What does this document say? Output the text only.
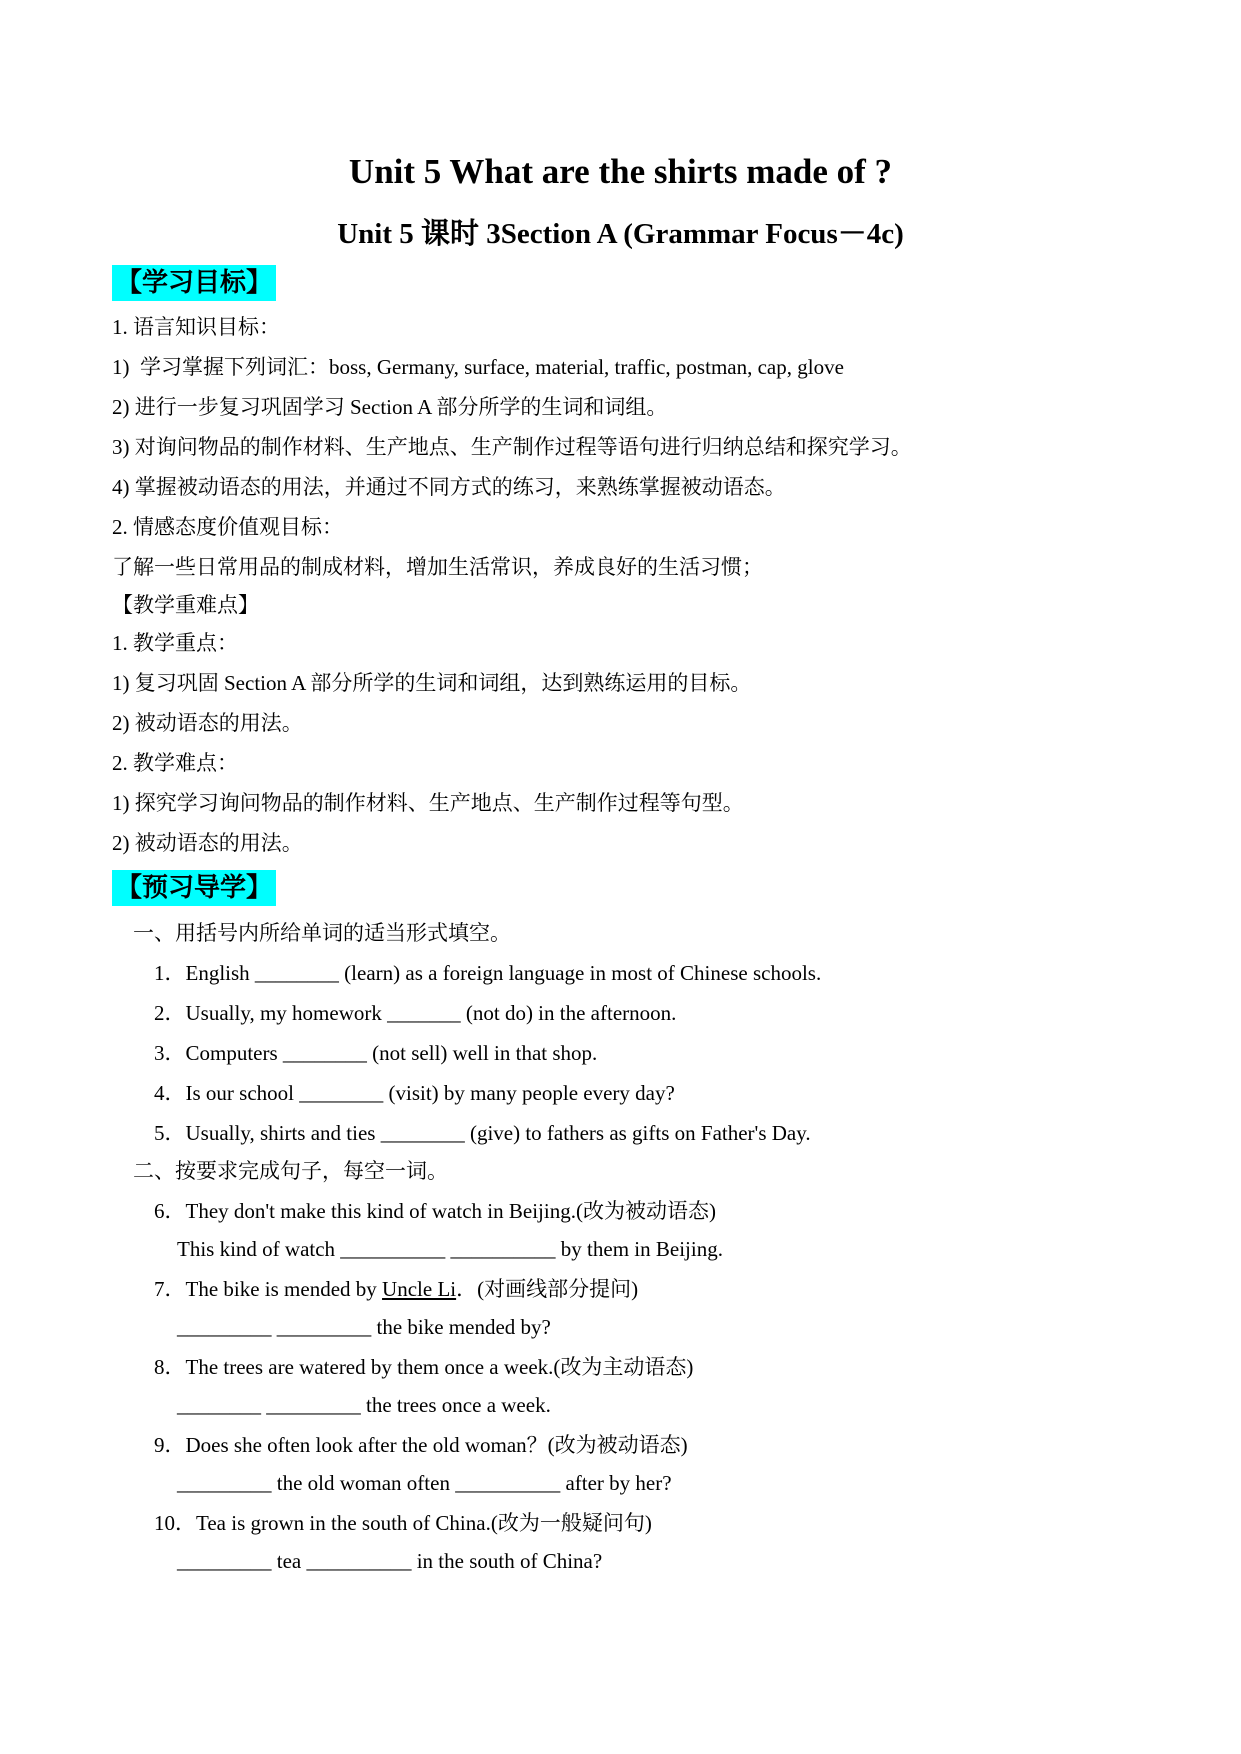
Unit 5 What are the shirts made of ?
Unit 5 课时 3Section A (Grammar Focus－4c)
【学习目标】
1. 语言知识目标：
1)  学习掌握下列词汇：boss, Germany, surface, material, traffic, postman, cap, glove
2) 进行一步复习巩固学习 Section A 部分所学的生词和词组。
3) 对询问物品的制作材料、生产地点、生产制作过程等语句进行归纳总结和探究学习。
4) 掌握被动语态的用法，并通过不同方式的练习，来熟练掌握被动语态。
2. 情感态度价值观目标：
了解一些日常用品的制成材料，增加生活常识，养成良好的生活习惯；
【教学重难点】
1. 教学重点：
1) 复习巩固 Section A 部分所学的生词和词组，达到熟练运用的目标。
2) 被动语态的用法。
2. 教学难点：
1) 探究学习询问物品的制作材料、生产地点、生产制作过程等句型。
2) 被动语态的用法。
【预习导学】
一、用括号内所给单词的适当形式填空。
1．English ________ (learn) as a foreign language in most of Chinese schools.
2．Usually, my homework _______ (not do) in the afternoon.
3．Computers ________ (not sell) well in that shop.
4．Is our school ________ (visit) by many people every day?
5．Usually, shirts and ties ________ (give) to fathers as gifts on Father's Day.
二、按要求完成句子，每空一词。
6．They don't make this kind of watch in Beijing.(改为被动语态)
This kind of watch __________ __________ by them in Beijing.
7．The bike is mended by Uncle Li．(对画线部分提问)
_________ _________ the bike mended by?
8．The trees are watered by them once a week.(改为主动语态)
________ _________ the trees once a week.
9．Does she often look after the old woman？(改为被动语态)
_________ the old woman often __________ after by her?
10．Tea is grown in the south of China.(改为一般疑问句)
_________ tea __________ in the south of China?
